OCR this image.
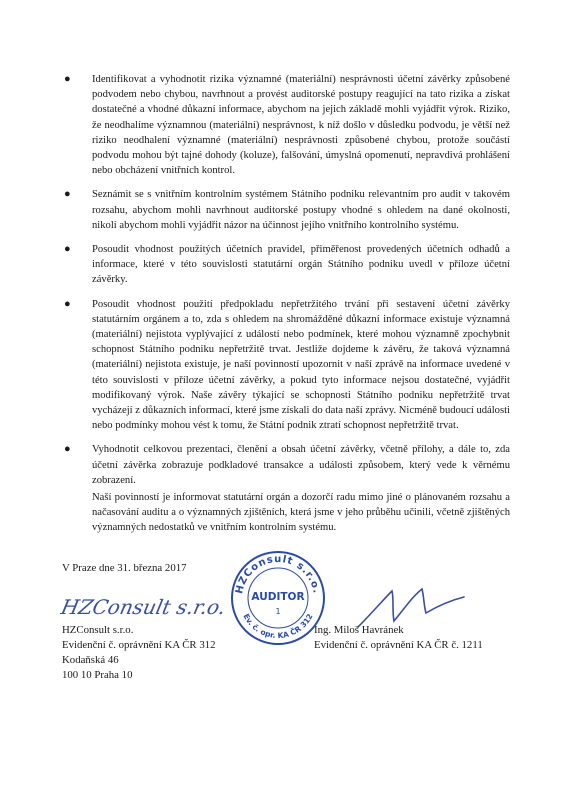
● Identifikovat a vyhodnotit rizika významné (materiální) nesprávnosti účetní závěrky způsobené podvodem nebo chybou, navrhnout a provést auditorské postupy reagující na tato rizika a získat dostatečné a vhodné důkazní informace, abychom na jejich základě mohli vyjádřit výrok. Riziko, že neodhalíme významnou (materiální) nesprávnost, k níž došlo v důsledku podvodu, je větší než riziko neodhalení významné (materiální) nesprávnosti způsobené chybou, protože součástí podvodu mohou být tajné dohody (koluze), falšování, úmyslná opomenutí, nepravdivá prohlášení nebo obcházení vnitřních kontrol.
● Seznámit se s vnitřním kontrolním systémem Státního podniku relevantním pro audit v takovém rozsahu, abychom mohli navrhnout auditorské postupy vhodné s ohledem na dané okolnosti, nikoli abychom mohli vyjádřit názor na účinnost jejího vnitřního kontrolního systému.
● Posoudit vhodnost použitých účetních pravidel, přiměřenost provedených účetních odhadů a informace, které v této souvislosti statutární orgán Státního podniku uvedl v příloze účetní závěrky.
● Posoudit vhodnost použití předpokladu nepřetržitého trvání při sestavení účetní závěrky statutárním orgánem a to, zda s ohledem na shromážděné důkazní informace existuje významná (materiální) nejistota vyplývající z událostí nebo podmínek, které mohou významně zpochybnit schopnost Státního podniku nepřetržitě trvat. Jestliže dojdeme k závěru, že taková významná (materiální) nejistota existuje, je naší povinností upozornit v naší zprávě na informace uvedené v této souvislosti v příloze účetní závěrky, a pokud tyto informace nejsou dostatečné, vyjádřit modifikovaný výrok. Naše závěry týkající se schopnosti Státního podniku nepřetržitě trvat vycházejí z důkazních informací, které jsme získali do data naší zprávy. Nicméně budoucí události nebo podmínky mohou vést k tomu, že Státní podnik ztratí schopnost nepřetržitě trvat.
● Vyhodnotit celkovou prezentaci, členění a obsah účetní závěrky, včetně přílohy, a dále to, zda účetní závěrka zobrazuje podkladové transakce a události způsobem, který vede k věrnému zobrazení.

Naší povinností je informovat statutární orgán a dozorčí radu mimo jiné o plánovaném rozsahu a načasování auditu a o významných zjištěních, která jsme v jeho průběhu učinili, včetně zjištěných významných nedostatků ve vnitřním kontrolním systému.

V Praze dne 31. března 2017
HZConsult s.r.o.
HZConsult s.r.o.
AUDITOR
1
Ev. č. opr. KA ČR 312
HZConsult s.r.o.
Evidenční č. oprávnění KA ČR 312
Kodaňská 46
100 10 Praha 10
Ing. Miloš Havránek
Evidenční č. oprávnění KA ČR č. 1211
